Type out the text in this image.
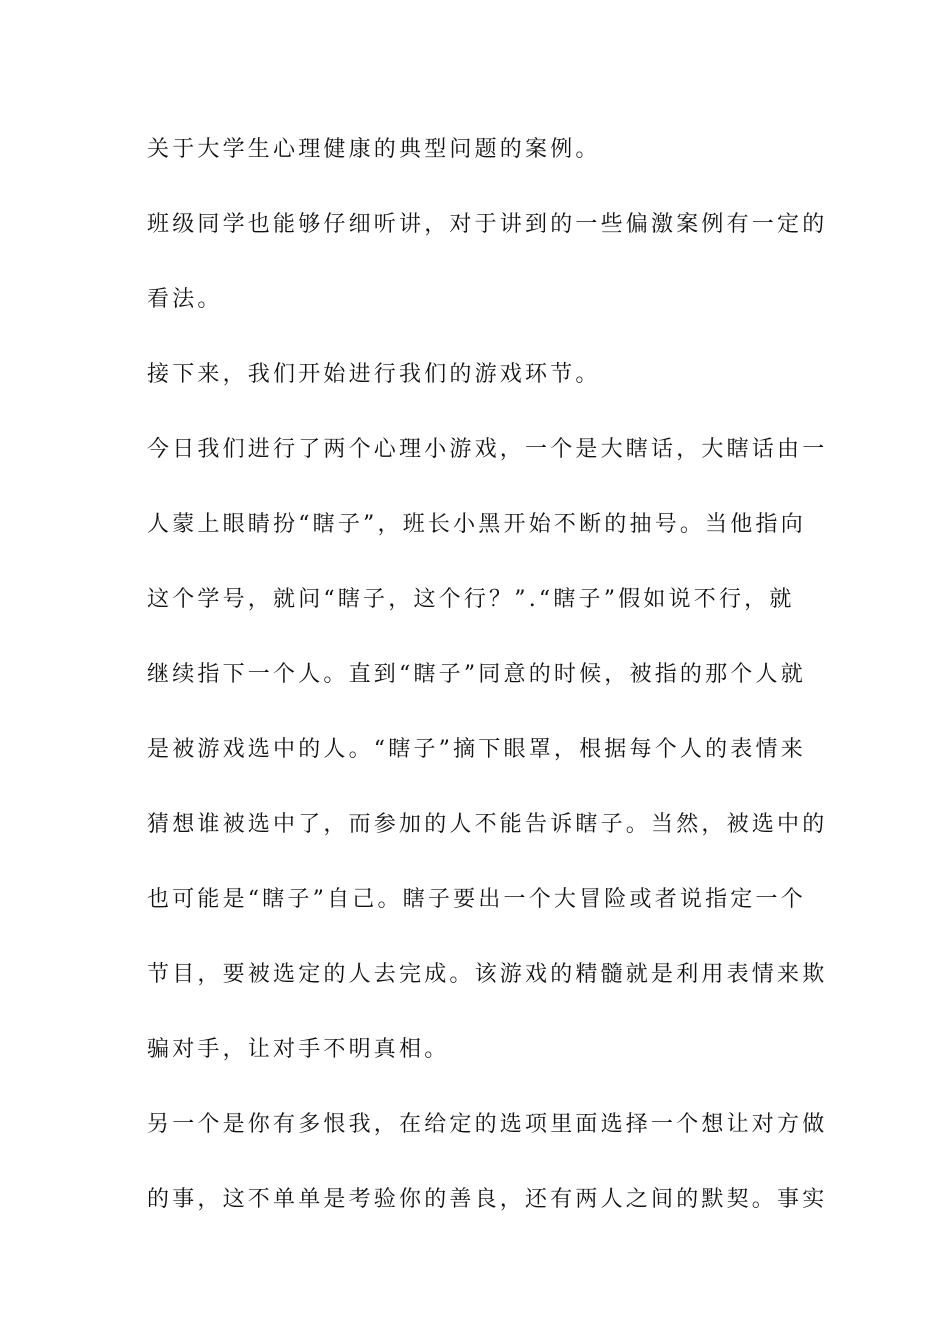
关于大学生心理健康的典型问题的案例。
班级同学也能够仔细听讲，对于讲到的一些偏激案例有一定的
看法。
接下来，我们开始进行我们的游戏环节。
今日我们进行了两个心理小游戏，一个是大瞎话，大瞎话由一
人蒙上眼睛扮“瞎子”，班长小黑开始不断的抽号。当他指向
这个学号，就问“瞎子，这个行？”.“瞎子”假如说不行，就
继续指下一个人。直到“瞎子”同意的时候，被指的那个人就
是被游戏选中的人。“瞎子”摘下眼罩，根据每个人的表情来
猜想谁被选中了，而参加的人不能告诉瞎子。当然，被选中的
也可能是“瞎子”自己。瞎子要出一个大冒险或者说指定一个
节目，要被选定的人去完成。该游戏的精髓就是利用表情来欺
骗对手，让对手不明真相。
另一个是你有多恨我，在给定的选项里面选择一个想让对方做
的事，这不单单是考验你的善良，还有两人之间的默契。事实
